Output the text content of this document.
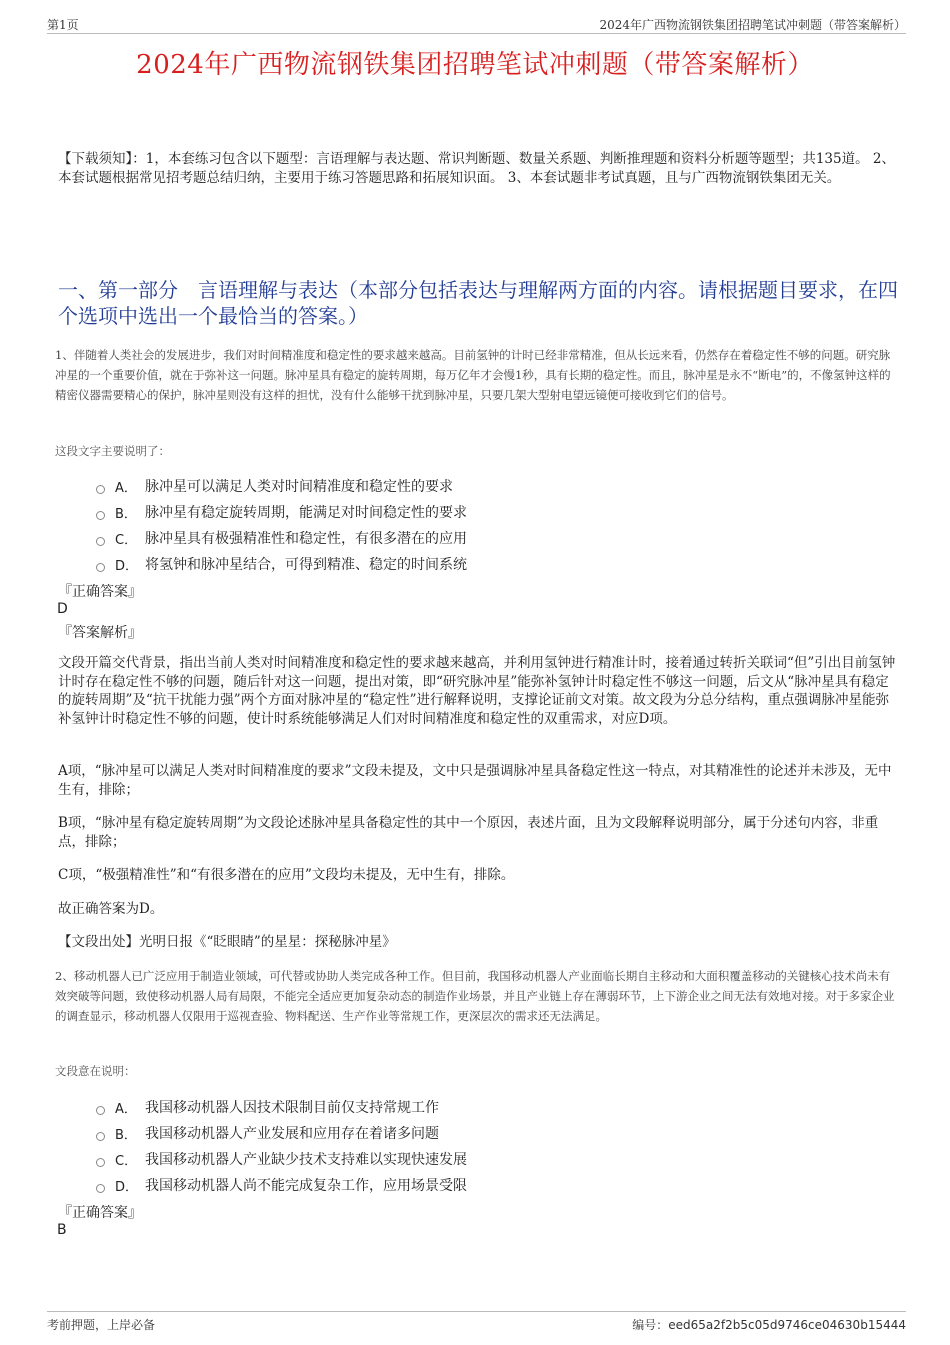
第1页	2024年广西物流钢铁集团招聘笔试冲刺题（带答案解析）
2024年广西物流钢铁集团招聘笔试冲刺题（带答案解析）
【下载须知】：1，本套练习包含以下题型：言语理解与表达题、常识判断题、数量关系题、判断推理题和资料分析题等题型；共135道。 2、本套试题根据常见招考题总结归纳，主要用于练习答题思路和拓展知识面。 3、本套试题非考试真题，且与广西物流钢铁集团无关。
一、第一部分　言语理解与表达（本部分包括表达与理解两方面的内容。请根据题目要求，在四个选项中选出一个最恰当的答案。）
1、伴随着人类社会的发展进步，我们对时间精准度和稳定性的要求越来越高。目前氢钟的计时已经非常精准，但从长远来看，仍然存在着稳定性不够的问题。研究脉冲星的一个重要价值，就在于弥补这一问题。脉冲星具有稳定的旋转周期，每万亿年才会慢1秒，具有长期的稳定性。而且，脉冲星是永不“断电”的，不像氢钟这样的精密仪器需要精心的保护，脉冲星则没有这样的担忧，没有什么能够干扰到脉冲星，只要几架大型射电望远镜便可接收到它们的信号。
这段文字主要说明了：
A． 脉冲星可以满足人类对时间精准度和稳定性的要求
B． 脉冲星有稳定旋转周期，能满足对时间稳定性的要求
C． 脉冲星具有极强精准性和稳定性，有很多潜在的应用
D． 将氢钟和脉冲星结合，可得到精准、稳定的时间系统
『正确答案』
D
『答案解析』
文段开篇交代背景，指出当前人类对时间精准度和稳定性的要求越来越高，并利用氢钟进行精准计时，接着通过转折关联词“但”引出目前氢钟计时存在稳定性不够的问题，随后针对这一问题，提出对策，即“研究脉冲星”能弥补氢钟计时稳定性不够这一问题，后文从“脉冲星具有稳定的旋转周期”及“抗干扰能力强”两个方面对脉冲星的“稳定性”进行解释说明，支撑论证前文对策。故文段为分总分结构，重点强调脉冲星能弥补氢钟计时稳定性不够的问题，使计时系统能够满足人们对时间精准度和稳定性的双重需求，对应D项。
A项，“脉冲星可以满足人类对时间精准度的要求”文段未提及，文中只是强调脉冲星具备稳定性这一特点，对其精准性的论述并未涉及，无中生有，排除；
B项，“脉冲星有稳定旋转周期”为文段论述脉冲星具备稳定性的其中一个原因，表述片面，且为文段解释说明部分，属于分述句内容，非重点，排除；
C项，“极强精准性”和“有很多潜在的应用”文段均未提及，无中生有，排除。
故正确答案为D。
【文段出处】光明日报《“眨眼睛”的星星：探秘脉冲星》
2、移动机器人已广泛应用于制造业领域，可代替或协助人类完成各种工作。但目前，我国移动机器人产业面临长期自主移动和大面积覆盖移动的关键核心技术尚未有效突破等问题，致使移动机器人局有局限，不能完全适应更加复杂动态的制造作业场景，并且产业链上存在薄弱环节，上下游企业之间无法有效地对接。对于多家企业的调查显示，移动机器人仅限用于巡视查验、物料配送、生产作业等常规工作，更深层次的需求还无法满足。
文段意在说明：
A． 我国移动机器人因技术限制目前仅支持常规工作
B． 我国移动机器人产业发展和应用存在着诸多问题
C． 我国移动机器人产业缺少技术支持难以实现快速发展
D． 我国移动机器人尚不能完成复杂工作，应用场景受限
『正确答案』
B
考前押题，上岸必备	编号：eed65a2f2b5c05d9746ce04630b15444
